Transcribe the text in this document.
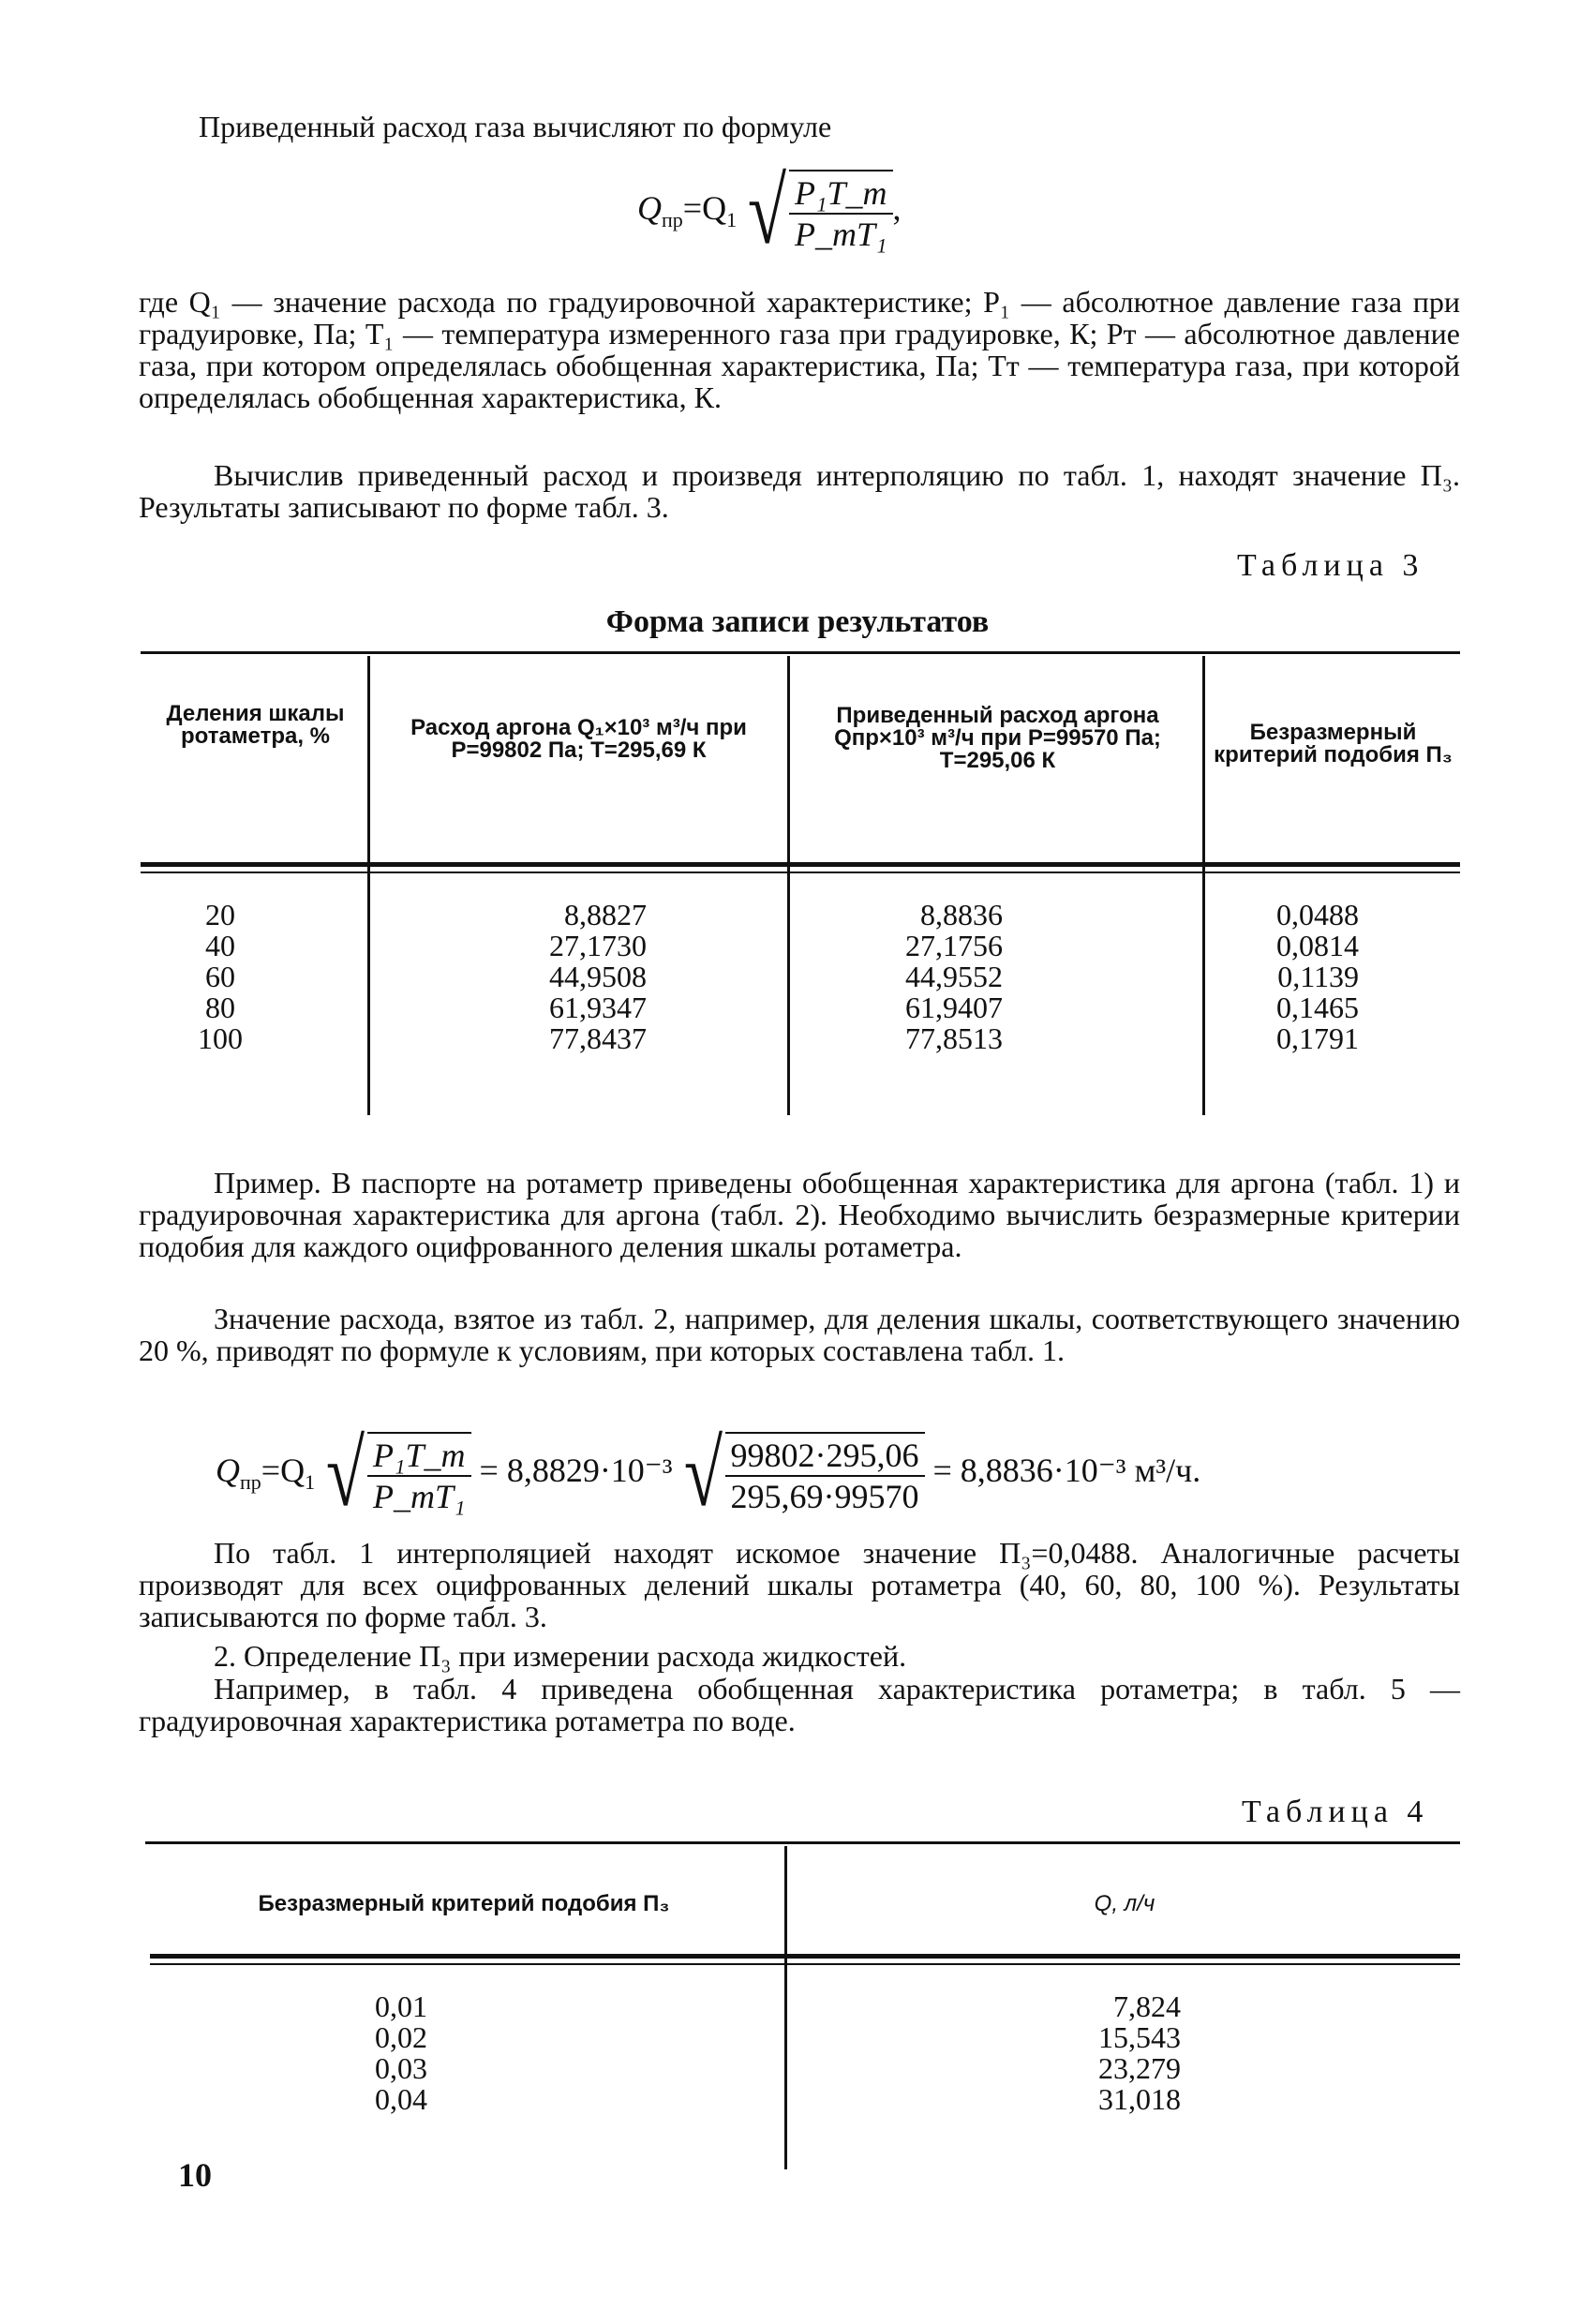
Приведенный расход газа вычисляют по формуле

$Q_{пр}=Q_1$ √ $\frac{\text{P₁T\_т}}{\text{P\_тT₁}}$ ,

где Q₁ — значение расхода по градуировочной характеристике; P₁ — абсолютное давление газа при градуировке, Па; T₁ — температура измеренного газа при градуировке, К; Pт — абсолютное давление газа, при котором определялась обобщенная характеристика, Па; Tт — температура газа, при которой определялась обобщенная характеристика, К.

Вычислив приведенный расход и произведя интерполяцию по табл. 1, находят значение П₃. Результаты записывают по форме табл. 3.

Таблица 3
Форма записи результатов
Деления шкалы ротаметра, %	Расход аргона Q₁×10³ м³/ч при P=99802 Па; T=295,69 К
Приведенный расход аргона Qпр×10³ м³/ч при P=99570 Па; T=295,06 К
Безразмерный критерий подобия П₃
20
40
60
80
100
8,8827
27,1730
44,9508
61,9347
77,8437
8,8836
27,1756
44,9552
61,9407
77,8513
0,0488
0,0814
0,1139
0,1465
0,1791

Пример. В паспорте на ротаметр приведены обобщенная характеристика для аргона (табл. 1) и градуировочная характеристика для аргона (табл. 2). Необходимо вычислить безразмерные критерии подобия для каждого оцифрованного деления шкалы ротаметра.

Значение расхода, взятое из табл. 2, например, для деления шкалы, соответствующего значению 20 %, приводят по формуле к условиям, при которых составлена табл. 1.

$Q_{пр}=Q_1$ √ $\frac{\text{P₁T\_т}}{\text{P\_тT₁}} = 8,8829\cdot 10^{-3}$ √ $\frac{99802\cdot 295,06}{295,69\cdot 99570} = 8,8836\cdot 10^{-3}$ м³/ч.

По табл. 1 интерполяцией находят искомое значение П₃=0,0488. Аналогичные расчеты производят для всех оцифрованных делений шкалы ротаметра (40, 60, 80, 100 %). Результаты записываются по форме табл. 3.

2. Определение П₃ при измерении расхода жидкостей.

Например, в табл. 4 приведена обобщенная характеристика ротаметра; в табл. 5 — градуировочная характеристика ротаметра по воде.

Таблица 4
Безразмерный критерий подобия П₃	Q, л/ч
0,01
0,02
0,03
0,04
7,824
15,543
23,279
31,018
10
